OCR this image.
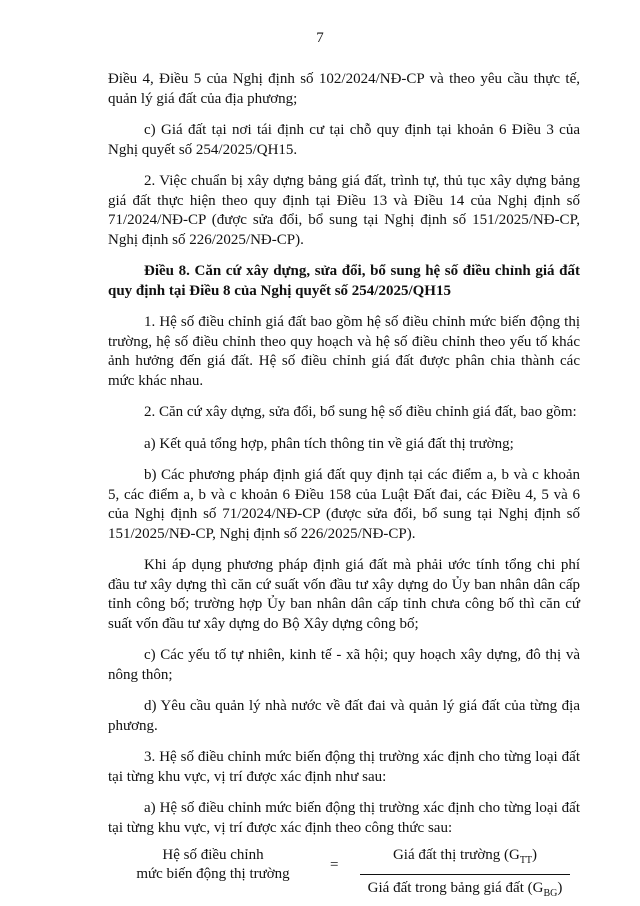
7

Điều 4, Điều 5 của Nghị định số 102/2024/NĐ-CP và theo yêu cầu thực tế, quản lý giá đất của địa phương;

c) Giá đất tại nơi tái định cư tại chỗ quy định tại khoản 6 Điều 3 của Nghị quyết số 254/2025/QH15.

2. Việc chuẩn bị xây dựng bảng giá đất, trình tự, thủ tục xây dựng bảng giá đất thực hiện theo quy định tại Điều 13 và Điều 14 của Nghị định số 71/2024/NĐ-CP (được sửa đổi, bổ sung tại Nghị định số 151/2025/NĐ-CP, Nghị định số 226/2025/NĐ-CP).

Điều 8. Căn cứ xây dựng, sửa đổi, bổ sung hệ số điều chỉnh giá đất quy định tại Điều 8 của Nghị quyết số 254/2025/QH15

1. Hệ số điều chỉnh giá đất bao gồm hệ số điều chỉnh mức biến động thị trường, hệ số điều chỉnh theo quy hoạch và hệ số điều chỉnh theo yếu tố khác ảnh hưởng đến giá đất. Hệ số điều chỉnh giá đất được phân chia thành các mức khác nhau.

2. Căn cứ xây dựng, sửa đổi, bổ sung hệ số điều chỉnh giá đất, bao gồm:

a) Kết quả tổng hợp, phân tích thông tin về giá đất thị trường;

b) Các phương pháp định giá đất quy định tại các điểm a, b và c khoản 5, các điểm a, b và c khoản 6 Điều 158 của Luật Đất đai, các Điều 4, 5 và 6 của Nghị định số 71/2024/NĐ-CP (được sửa đổi, bổ sung tại Nghị định số 151/2025/NĐ-CP, Nghị định số 226/2025/NĐ-CP).

Khi áp dụng phương pháp định giá đất mà phải ước tính tổng chi phí đầu tư xây dựng thì căn cứ suất vốn đầu tư xây dựng do Ủy ban nhân dân cấp tỉnh công bố; trường hợp Ủy ban nhân dân cấp tỉnh chưa công bố thì căn cứ suất vốn đầu tư xây dựng do Bộ Xây dựng công bố;

c) Các yếu tố tự nhiên, kinh tế - xã hội; quy hoạch xây dựng, đô thị và nông thôn;

d) Yêu cầu quản lý nhà nước về đất đai và quản lý giá đất của từng địa phương.

3. Hệ số điều chỉnh mức biến động thị trường xác định cho từng loại đất tại từng khu vực, vị trí được xác định như sau:

a) Hệ số điều chỉnh mức biến động thị trường xác định cho từng loại đất tại từng khu vực, vị trí được xác định theo công thức sau:

Hệ số điều chỉnh
mức biến động thị trường
=
Giá đất thị trường $(G_{TT})$
Giá đất trong bảng giá đất $(G_{BG})$
